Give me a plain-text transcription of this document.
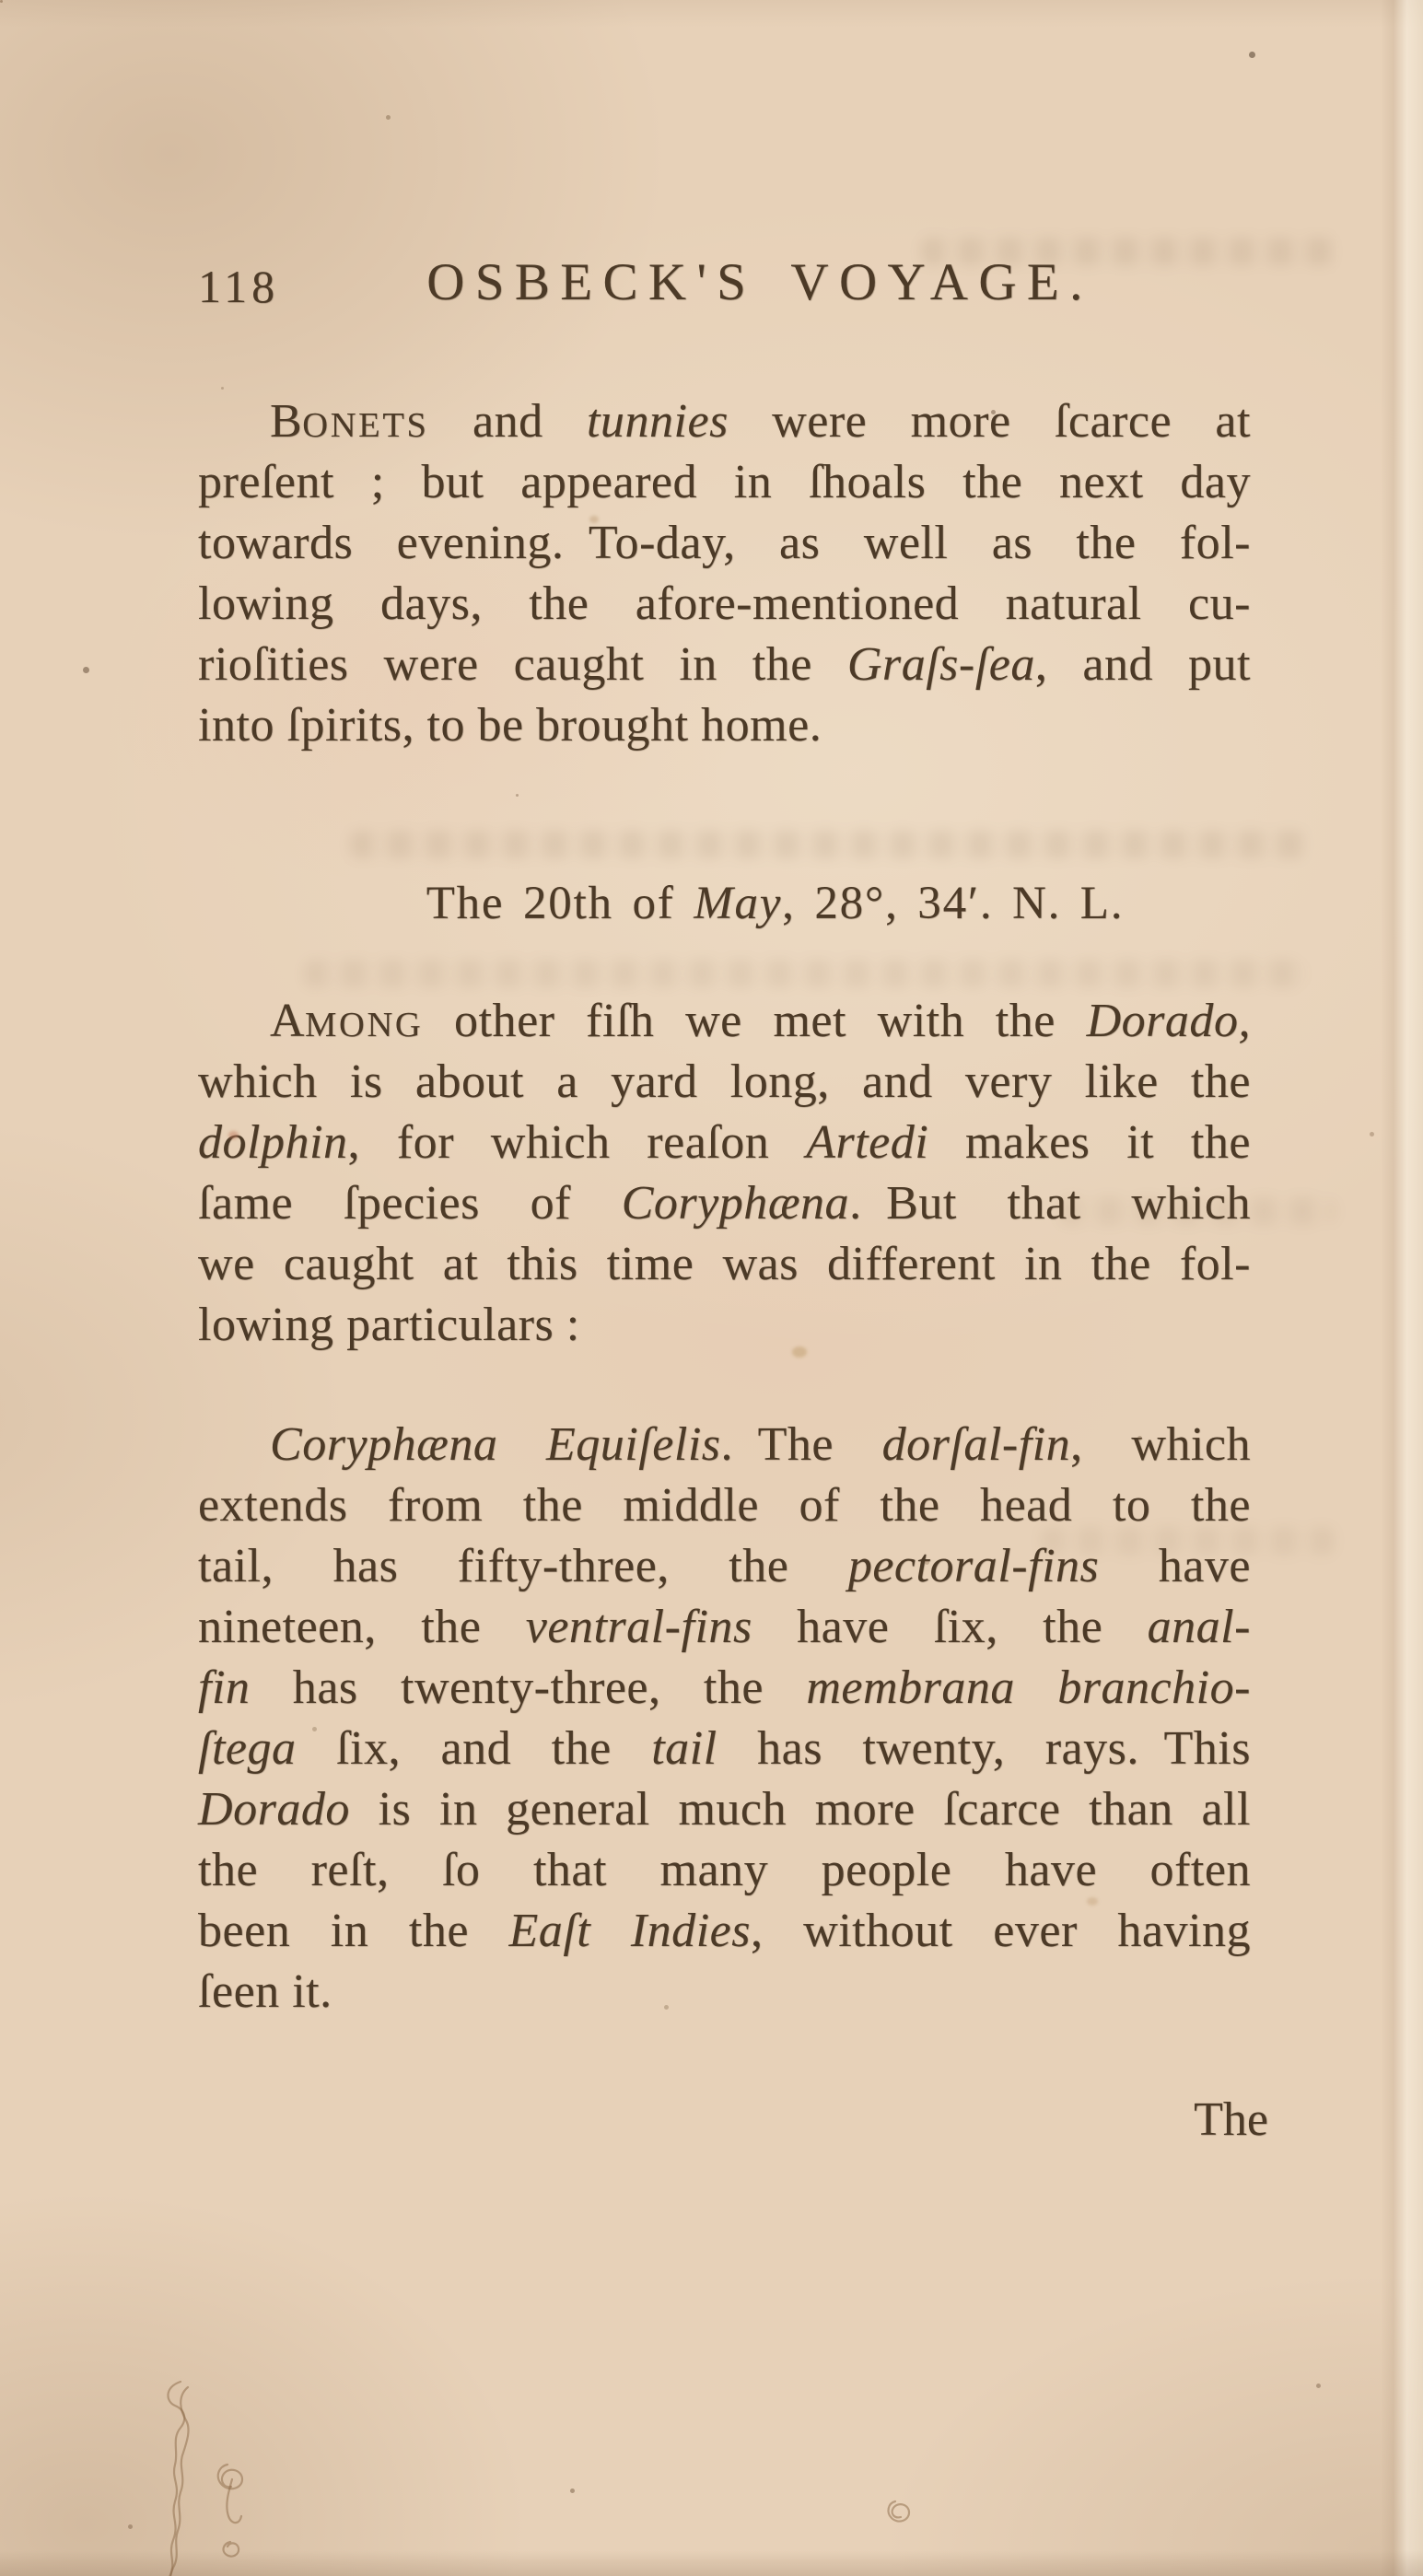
118	OSBECK'S VOYAGE.
BONETS and tunnies were more ſcarce at
preſent ; but appeared in ſhoals the next day
towards evening. To-day, as well as the fol-
lowing days, the afore-mentioned natural cu-
rioſities were caught in the Graſs-ſea, and put
into ſpirits, to be brought home.
The 20th of May, 28°, 34′. N. L.
AMONG other fiſh we met with the Dorado,
which is about a yard long, and very like the
dolphin, for which reaſon Artedi makes it the
ſame ſpecies of Coryphæna. But that which
we caught at this time was different in the fol-
lowing particulars :
Coryphæna Equiſelis. The dorſal-fin, which
extends from the middle of the head to the
tail, has fifty-three, the pectoral-fins have
nineteen, the ventral-fins have ſix, the anal-
fin has twenty-three, the membrana branchio-
ſtega ſix, and the tail has twenty, rays. This
Dorado is in general much more ſcarce than all
the reſt, ſo that many people have often
been in the Eaſt Indies, without ever having
ſeen it.
The
